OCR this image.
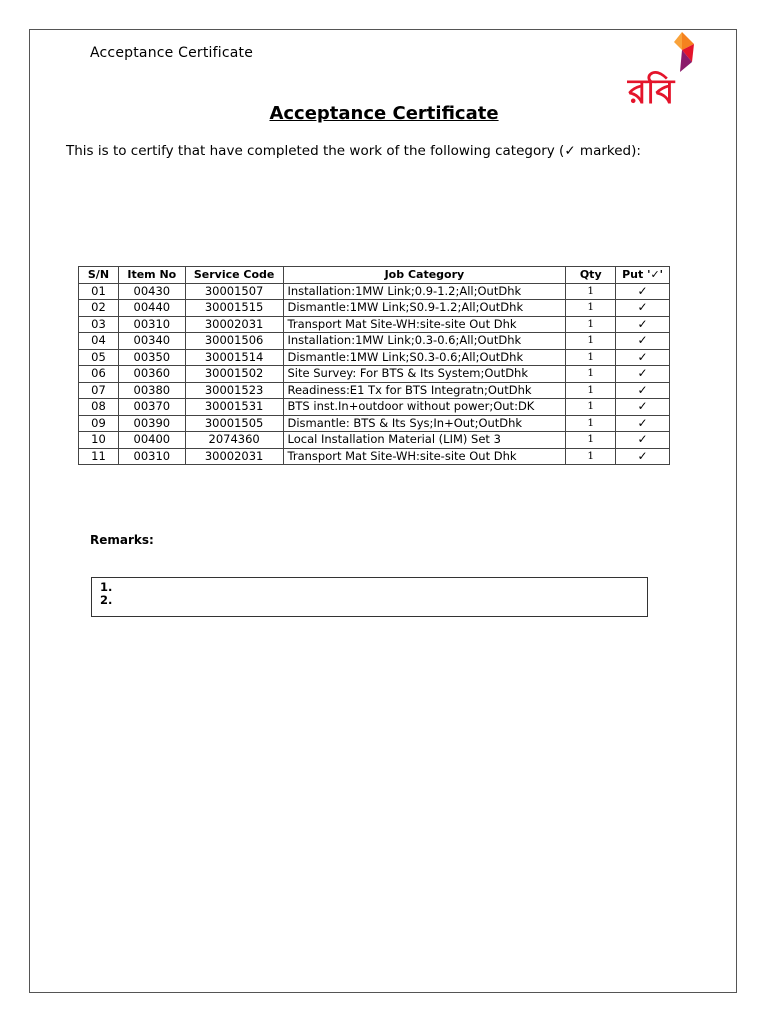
Acceptance Certificate
রবি
Acceptance Certificate
This is to certify that have completed the work of the following category (✓ marked):
S/N	Item No	Service Code	Job Category	Qty	Put '✓'
01	00430	30001507	Installation:1MW Link;0.9-1.2;All;OutDhk	1	✓
02	00440	30001515	Dismantle:1MW Link;S0.9-1.2;All;OutDhk	1	✓
03	00310	30002031	Transport Mat Site-WH:site-site Out Dhk	1	✓
04	00340	30001506	Installation:1MW Link;0.3-0.6;All;OutDhk	1	✓
05	00350	30001514	Dismantle:1MW Link;S0.3-0.6;All;OutDhk	1	✓
06	00360	30001502	Site Survey: For BTS & Its System;OutDhk	1	✓
07	00380	30001523	Readiness:E1 Tx for BTS Integratn;OutDhk	1	✓
08	00370	30001531	BTS inst.In+outdoor without power;Out:DK	1	✓
09	00390	30001505	Dismantle: BTS & Its Sys;In+Out;OutDhk	1	✓
10	00400	2074360	Local Installation Material (LIM) Set 3	1	✓
11	00310	30002031	Transport Mat Site-WH:site-site Out Dhk	1	✓
Remarks:
1.
2.
